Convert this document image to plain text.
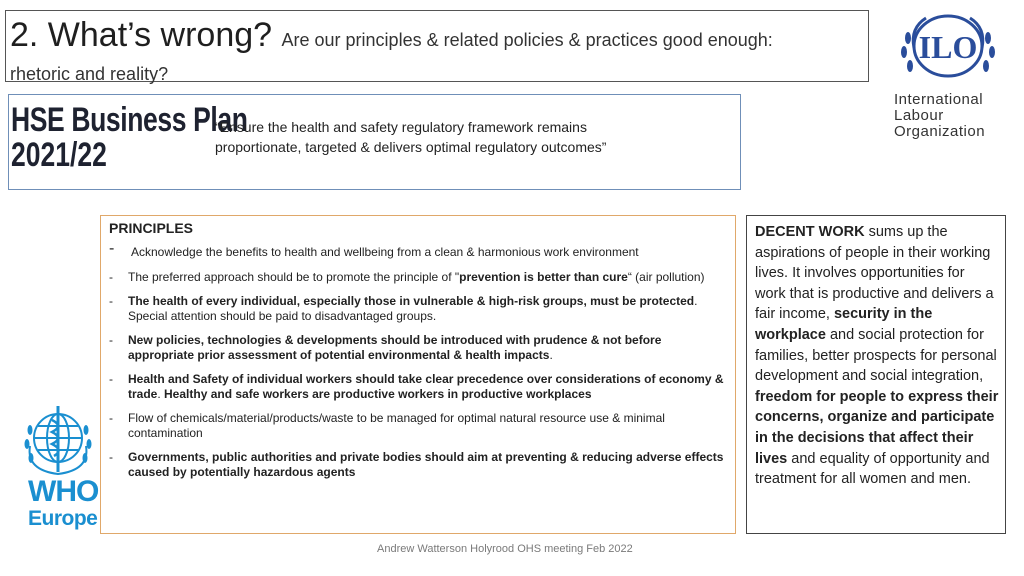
2. What’s wrong? Are our principles & related policies & practices good enough:
rhetoric and reality?
ILO
International
Labour
Organization
HSE Business Plan
2021/22
“Ensure the health and safety regulatory framework remains
proportionate, targeted & delivers optimal regulatory outcomes”
PRINCIPLES
- Acknowledge the benefits to health and wellbeing from a clean & harmonious work environment
- The preferred approach should be to promote the principle of "prevention is better than cure“ (air pollution)
- The health of every individual, especially those in vulnerable & high-risk groups, must be protected. Special attention should be paid to disadvantaged groups.
- New policies, technologies & developments should be introduced with prudence & not before appropriate prior assessment of potential environmental & health impacts.
- Health and Safety of individual workers should take clear precedence over considerations of economy & trade. Healthy and safe workers are productive workers in productive workplaces
- Flow of chemicals/material/products/waste to be managed for optimal natural resource use & minimal contamination
- Governments, public authorities and private bodies should aim at preventing & reducing adverse effects caused by potentially hazardous agents
WHO
Europe
DECENT WORK sums up the aspirations of people in their working lives. It involves opportunities for work that is productive and delivers a fair income, security in the workplace and social protection for families, better prospects for personal development and social integration, freedom for people to express their concerns, organize and participate in the decisions that affect their lives and equality of opportunity and treatment for all women and men.
Andrew Watterson Holyrood OHS meeting Feb 2022
